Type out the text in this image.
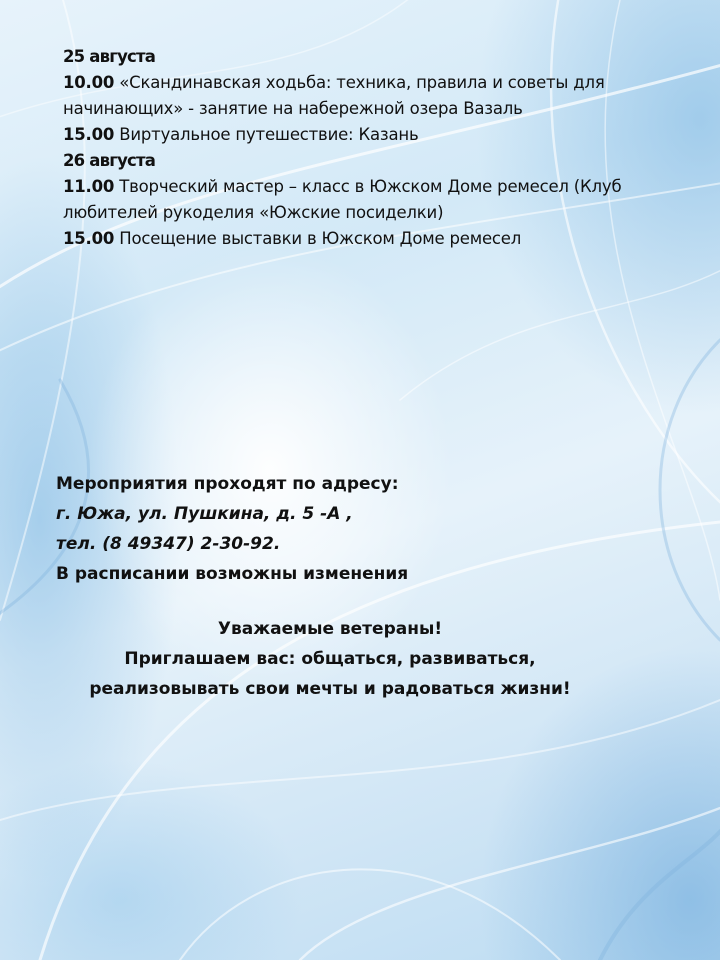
25 августа
10.00 «Скандинавская ходьба: техника, правила и советы для
начинающих» - занятие на набережной озера Вазаль
15.00 Виртуальное путешествие: Казань
26 августа
11.00 Творческий мастер – класс в Южском Доме ремесел (Клуб
любителей рукоделия «Южские посиделки)
15.00 Посещение выставки в Южском Доме ремесел
Мероприятия проходят по адресу:
г. Южа, ул. Пушкина, д. 5 -А ,
тел. (8 49347) 2-30-92.
В расписании возможны изменения
Уважаемые ветераны!
Приглашаем вас: общаться, развиваться,
реализовывать свои мечты и радоваться жизни!
